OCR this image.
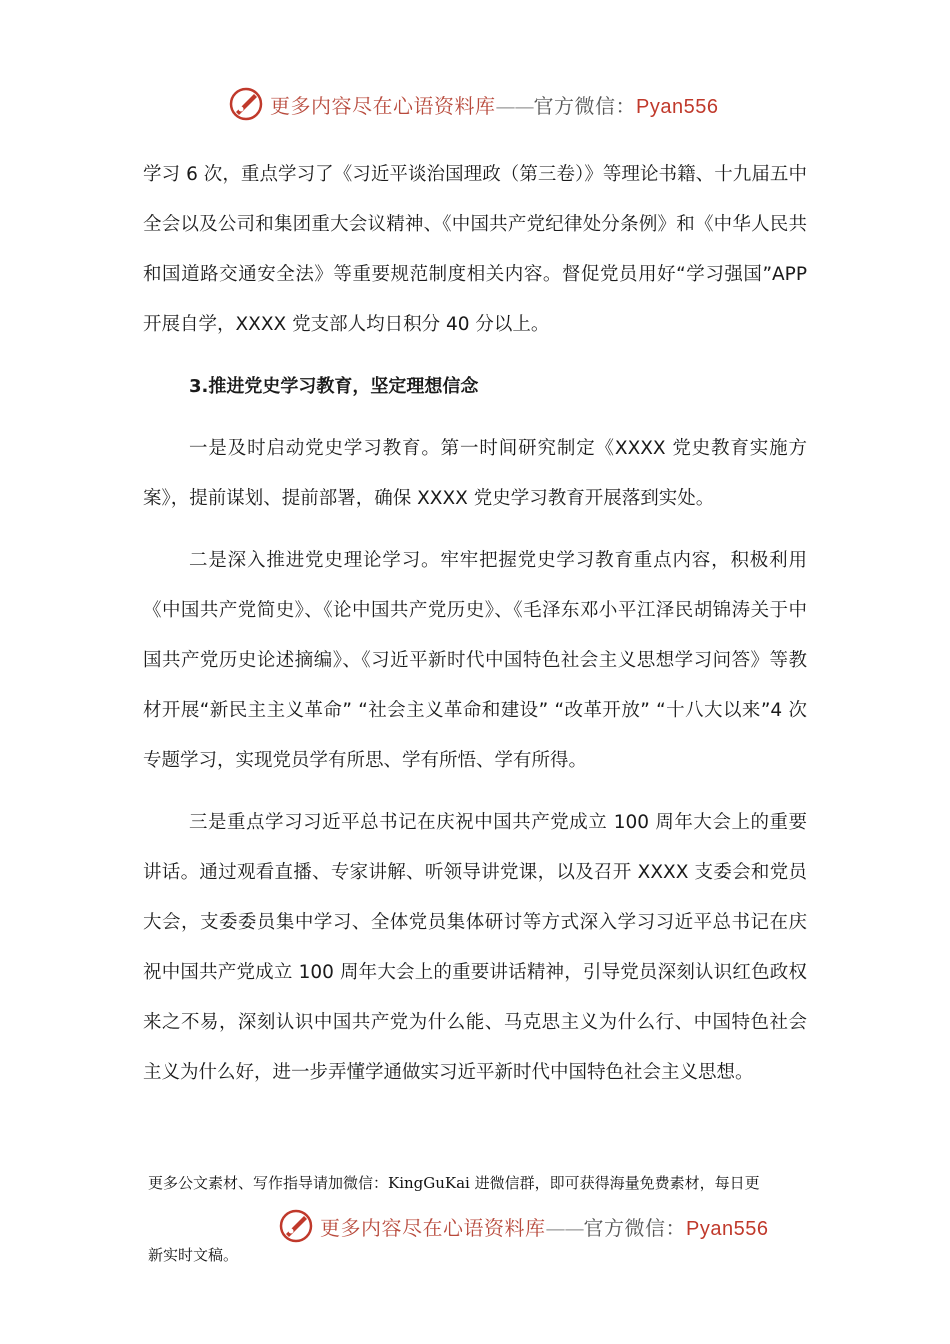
更多内容尽在心语资料库——官方微信：Pyan556

学习 6 次，重点学习了《习近平谈治国理政（第三卷）》等理论书籍、十九届五中全会以及公司和集团重大会议精神、《中国共产党纪律处分条例》和《中华人民共和国道路交通安全法》等重要规范制度相关内容。督促党员用好“学习强国”APP 开展自学，XXXX 党支部人均日积分 40 分以上。

3.推进党史学习教育，坚定理想信念

一是及时启动党史学习教育。第一时间研究制定《XXXX 党史教育实施方案》，提前谋划、提前部署，确保 XXXX 党史学习教育开展落到实处。

二是深入推进党史理论学习。牢牢把握党史学习教育重点内容，积极利用《中国共产党简史》、《论中国共产党历史》、《毛泽东邓小平江泽民胡锦涛关于中国共产党历史论述摘编》、《习近平新时代中国特色社会主义思想学习问答》等教材开展“新民主主义革命” “社会主义革命和建设” “改革开放” “十八大以来”4 次专题学习，实现党员学有所思、学有所悟、学有所得。

三是重点学习习近平总书记在庆祝中国共产党成立 100 周年大会上的重要讲话。通过观看直播、专家讲解、听领导讲党课，以及召开 XXXX 支委会和党员大会，支委委员集中学习、全体党员集体研讨等方式深入学习习近平总书记在庆祝中国共产党成立 100 周年大会上的重要讲话精神，引导党员深刻认识红色政权来之不易，深刻认识中国共产党为什么能、马克思主义为什么行、中国特色社会主义为什么好，进一步弄懂学通做实习近平新时代中国特色社会主义思想。

更多公文素材、写作指导请加微信：KingGuKai 进微信群，即可获得海量免费素材，每日更
更多内容尽在心语资料库——官方微信：Pyan556
新实时文稿。
